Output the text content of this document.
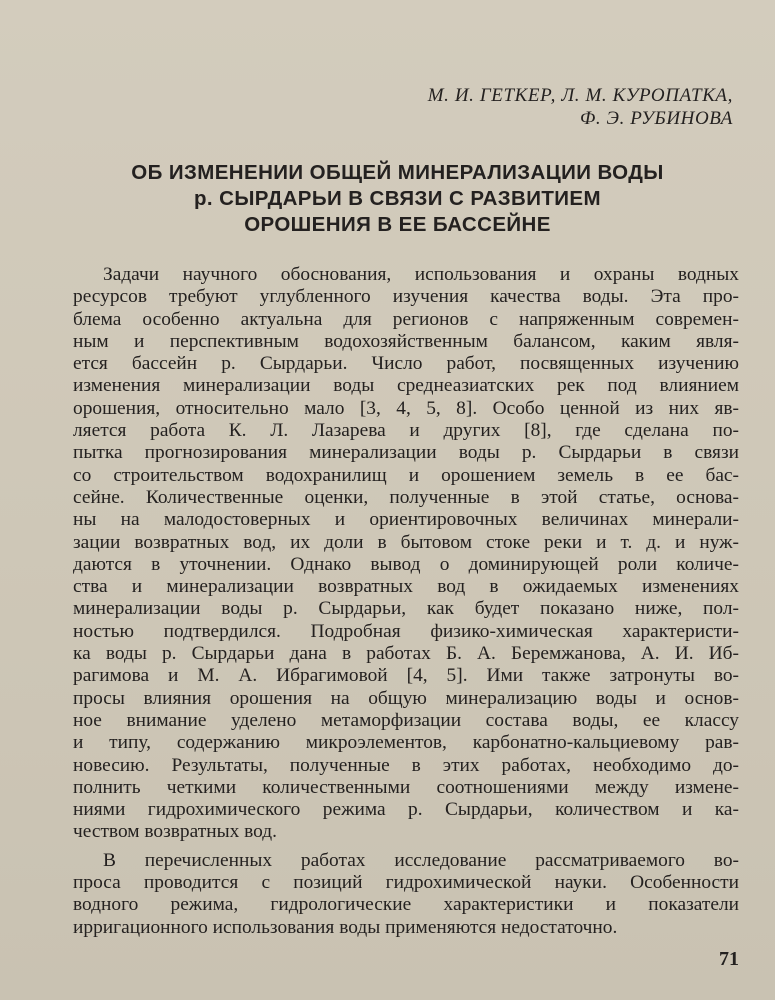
М. И. ГЕТКЕР, Л. М. КУРОПАТКА,
Ф. Э. РУБИНОВА
ОБ ИЗМЕНЕНИИ ОБЩЕЙ МИНЕРАЛИЗАЦИИ ВОДЫ
р. СЫРДАРЬИ В СВЯЗИ С РАЗВИТИЕМ
ОРОШЕНИЯ В ЕЕ БАССЕЙНЕ
Задачи научного обоснования, использования и охраны водных
ресурсов требуют углубленного изучения качества воды. Эта про-
блема особенно актуальна для регионов с напряженным современ-
ным и перспективным водохозяйственным балансом, каким явля-
ется бассейн р. Сырдарьи. Число работ, посвященных изучению
изменения минерализации воды среднеазиатских рек под влиянием
орошения, относительно мало [3, 4, 5, 8]. Особо ценной из них яв-
ляется работа К. Л. Лазарева и других [8], где сделана по-
пытка прогнозирования минерализации воды р. Сырдарьи в связи
со строительством водохранилищ и орошением земель в ее бас-
сейне. Количественные оценки, полученные в этой статье, основа-
ны на малодостоверных и ориентировочных величинах минерали-
зации возвратных вод, их доли в бытовом стоке реки и т. д. и нуж-
даются в уточнении. Однако вывод о доминирующей роли количе-
ства и минерализации возвратных вод в ожидаемых изменениях
минерализации воды р. Сырдарьи, как будет показано ниже, пол-
ностью подтвердился. Подробная физико-химическая характеристи-
ка воды р. Сырдарьи дана в работах Б. А. Беремжанова, А. И. Иб-
рагимова и М. А. Ибрагимовой [4, 5]. Ими также затронуты во-
просы влияния орошения на общую минерализацию воды и основ-
ное внимание уделено метаморфизации состава воды, ее классу
и типу, содержанию микроэлементов, карбонатно-кальциевому рав-
новесию. Результаты, полученные в этих работах, необходимо до-
полнить четкими количественными соотношениями между измене-
ниями гидрохимического режима р. Сырдарьи, количеством и ка-
чеством возвратных вод.
В перечисленных работах исследование рассматриваемого во-
проса проводится с позиций гидрохимической науки. Особенности
водного режима, гидрологические характеристики и показатели
ирригационного использования воды применяются недостаточно.
71
